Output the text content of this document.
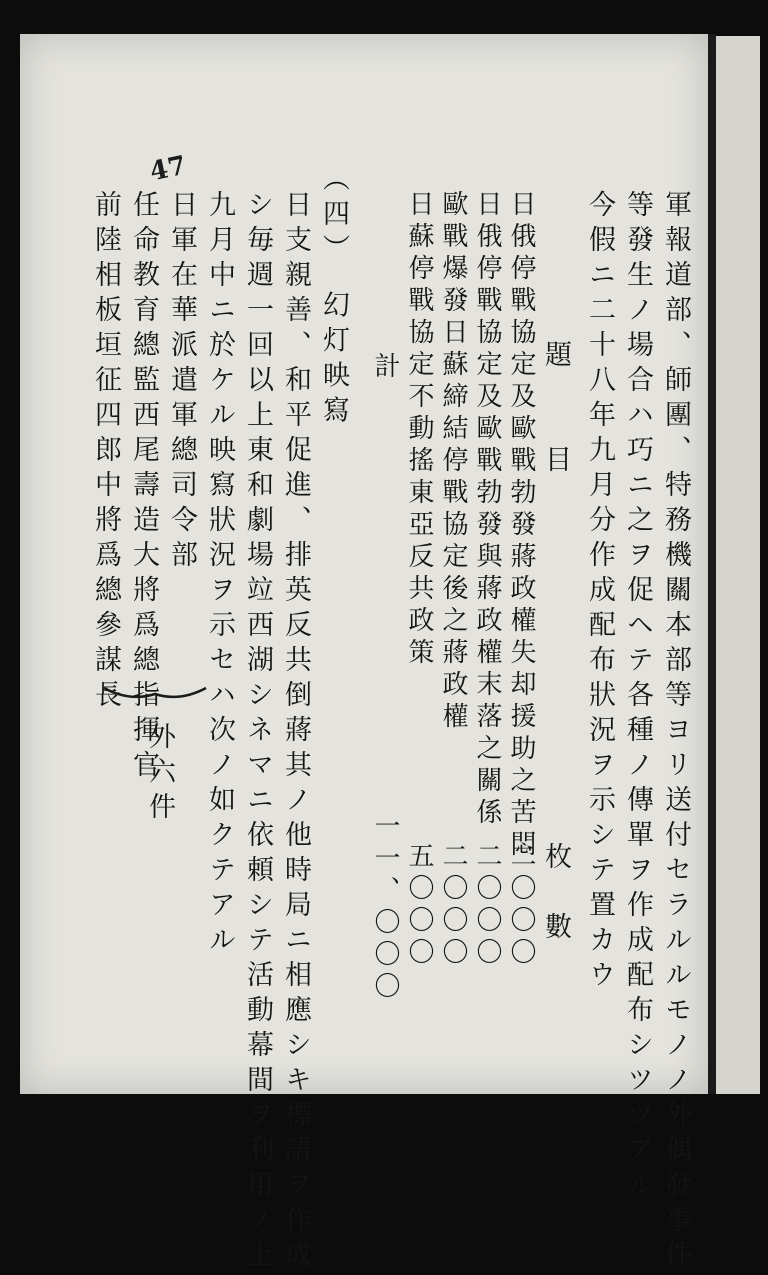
軍報道部、師團、特務機關本部等ヨリ送付セラルルモノノ外偶發事件
等發生ノ場合ハ巧ニ之ヲ促ヘテ各種ノ傳單ヲ作成配布シツツアル
今假ニ二十八年九月分作成配布狀況ヲ示シテ置カウ
題　　目
枚　數
日俄停戰協定及歐戰勃發蔣政權失却援助之苦悶
二〇〇〇
日俄停戰協定及歐戰勃發與蔣政權末落之關係
二〇〇〇
歐戰爆發日蘇締結停戰協定後之蔣政權
二〇〇〇
日蘇停戰協定不動搖東亞反共政策
五〇〇〇
計
一一、〇〇〇
（四）　幻灯映寫
日支親善、和平促進、排英反共倒蔣其ノ他時局ニ相應シキ標語ヲ作成
シ毎週一回以上東和劇場竝西湖シネマニ依頼シテ活動幕間ヲ利用ノ上
九月中ニ於ケル映寫狀況ヲ示セハ次ノ如クテアル
日軍在華派遣軍總司令部
任命教育總監西尾壽造大將爲總指揮官
前陸相板垣征四郎中將爲總參謀長
外六件
47
